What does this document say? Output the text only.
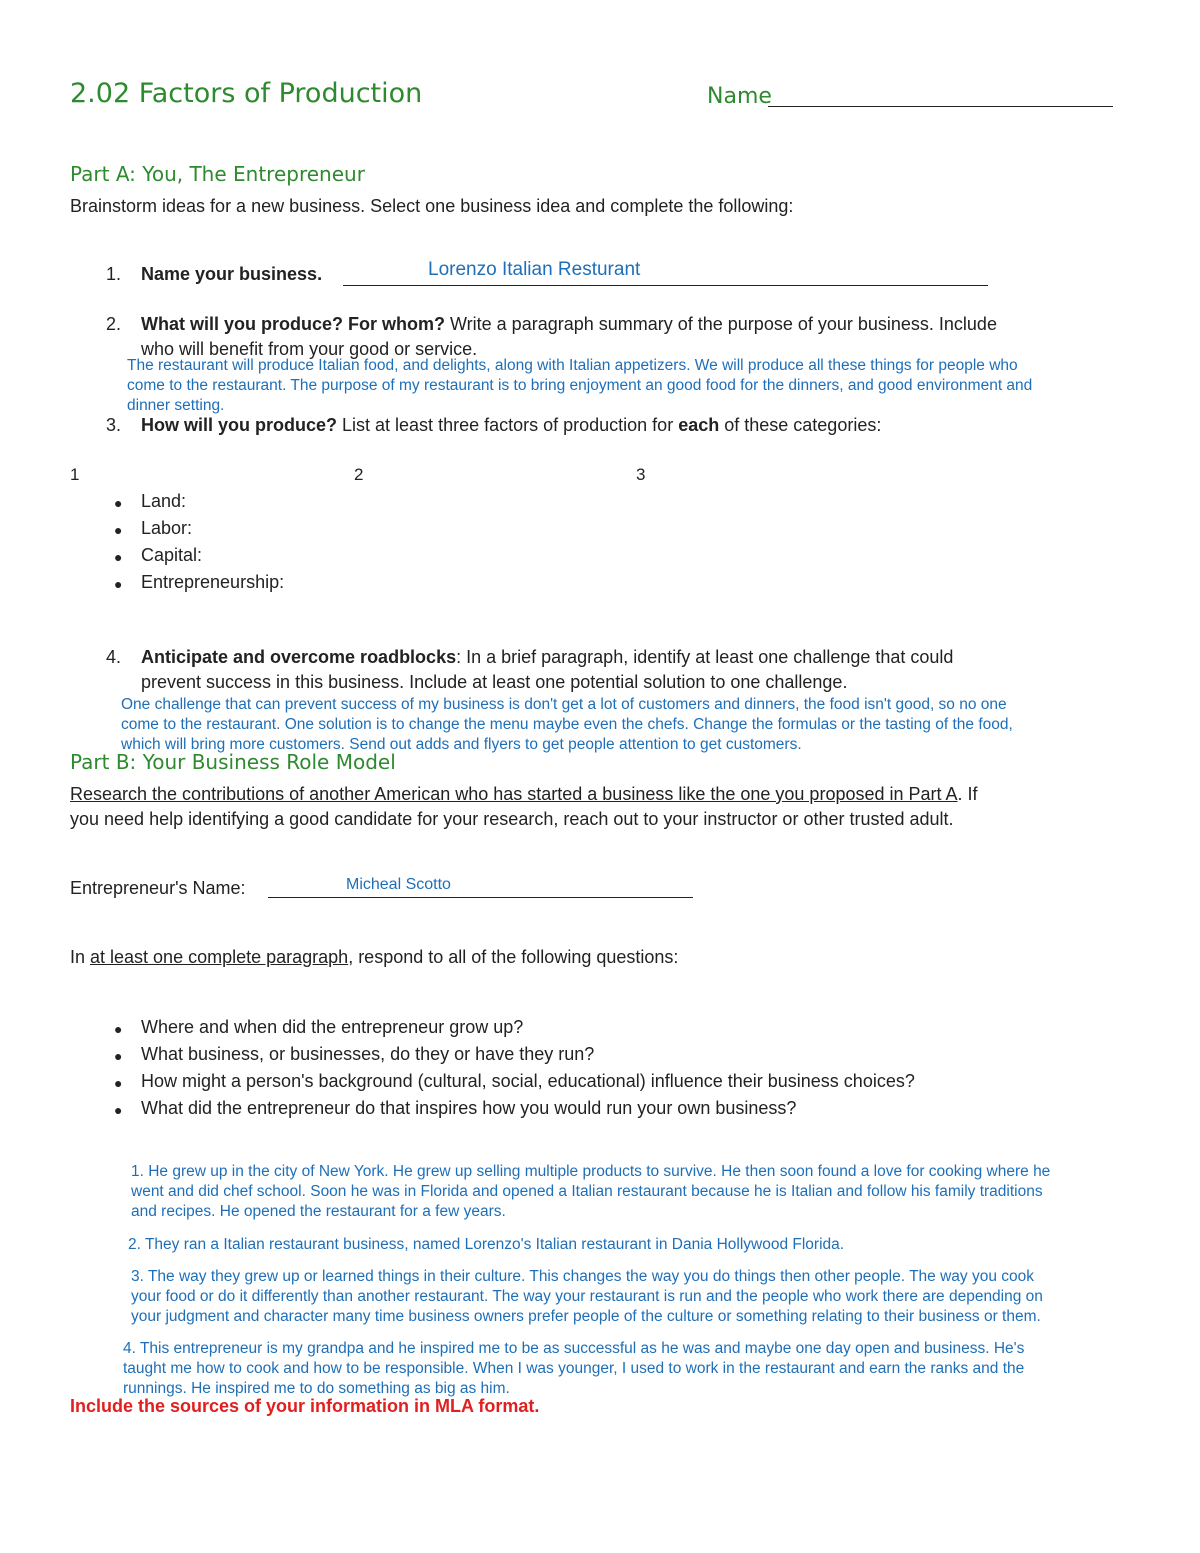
2.02 Factors of Production	Name
Part A: You, The Entrepreneur
Brainstorm ideas for a new business. Select one business idea and complete the following:
1. Name your business.	Lorenzo Italian Resturant
2. What will you produce? For whom? Write a paragraph summary of the purpose of your business. Include
who will benefit from your good or service.
The restaurant will produce Italian food, and delights, along with Italian appetizers. We will produce all these things for people who
come to the restaurant. The purpose of my restaurant is to bring enjoyment an good food for the dinners, and good environment and
dinner setting.
3. How will you produce? List at least three factors of production for each of these categories:
1	2	3
● Land:
● Labor:
● Capital:
● Entrepreneurship:
4. Anticipate and overcome roadblocks: In a brief paragraph, identify at least one challenge that could
prevent success in this business. Include at least one potential solution to one challenge.
One challenge that can prevent success of my business is don't get a lot of customers and dinners, the food isn't good, so no one
come to the restaurant. One solution is to change the menu maybe even the chefs. Change the formulas or the tasting of the food,
which will bring more customers. Send out adds and flyers to get people attention to get customers.
Part B: Your Business Role Model
Research the contributions of another American who has started a business like the one you proposed in Part A. If
you need help identifying a good candidate for your research, reach out to your instructor or other trusted adult.
Entrepreneur's Name:	Micheal Scotto
In at least one complete paragraph, respond to all of the following questions:
● Where and when did the entrepreneur grow up?
● What business, or businesses, do they or have they run?
● How might a person's background (cultural, social, educational) influence their business choices?
● What did the entrepreneur do that inspires how you would run your own business?
1. He grew up in the city of New York. He grew up selling multiple products to survive. He then soon found a love for cooking where he
went and did chef school. Soon he was in Florida and opened a Italian restaurant because he is Italian and follow his family traditions
and recipes. He opened the restaurant for a few years.
2. They ran a Italian restaurant business, named Lorenzo's Italian restaurant in Dania Hollywood Florida.
3. The way they grew up or learned things in their culture. This changes the way you do things then other people. The way you cook
your food or do it differently than another restaurant. The way your restaurant is run and the people who work there are depending on
your judgment and character many time business owners prefer people of the culture or something relating to their business or them.
4. This entrepreneur is my grandpa and he inspired me to be as successful as he was and maybe one day open and business. He's
taught me how to cook and how to be responsible. When I was younger, I used to work in the restaurant and earn the ranks and the
runnings. He inspired me to do something as big as him.
Include the sources of your information in MLA format.
